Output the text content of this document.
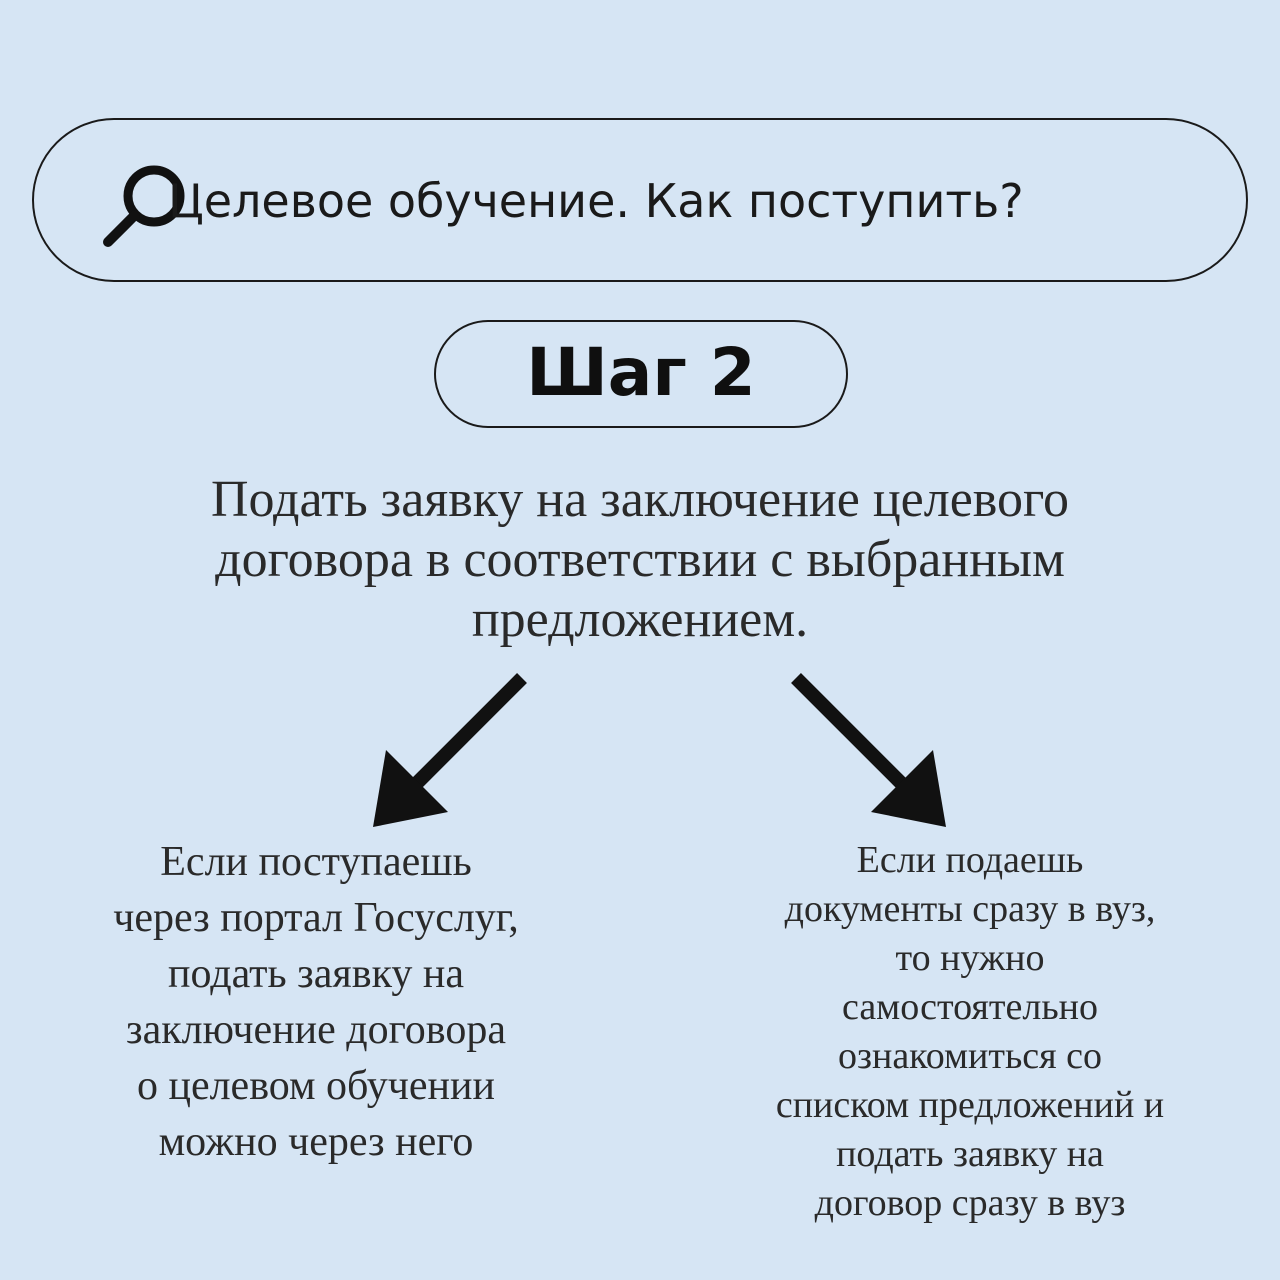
Целевое обучение. Как поступить?
Шаг 2
Подать заявку на заключение целевого
договора в соответствии с выбранным
предложением.
Если поступаешь
через портал Госуслуг,
подать заявку на
заключение договора
о целевом обучении
можно через него
Если подаешь
документы сразу в вуз,
то нужно
самостоятельно
ознакомиться со
списком предложений и
подать заявку на
договор сразу в вуз
